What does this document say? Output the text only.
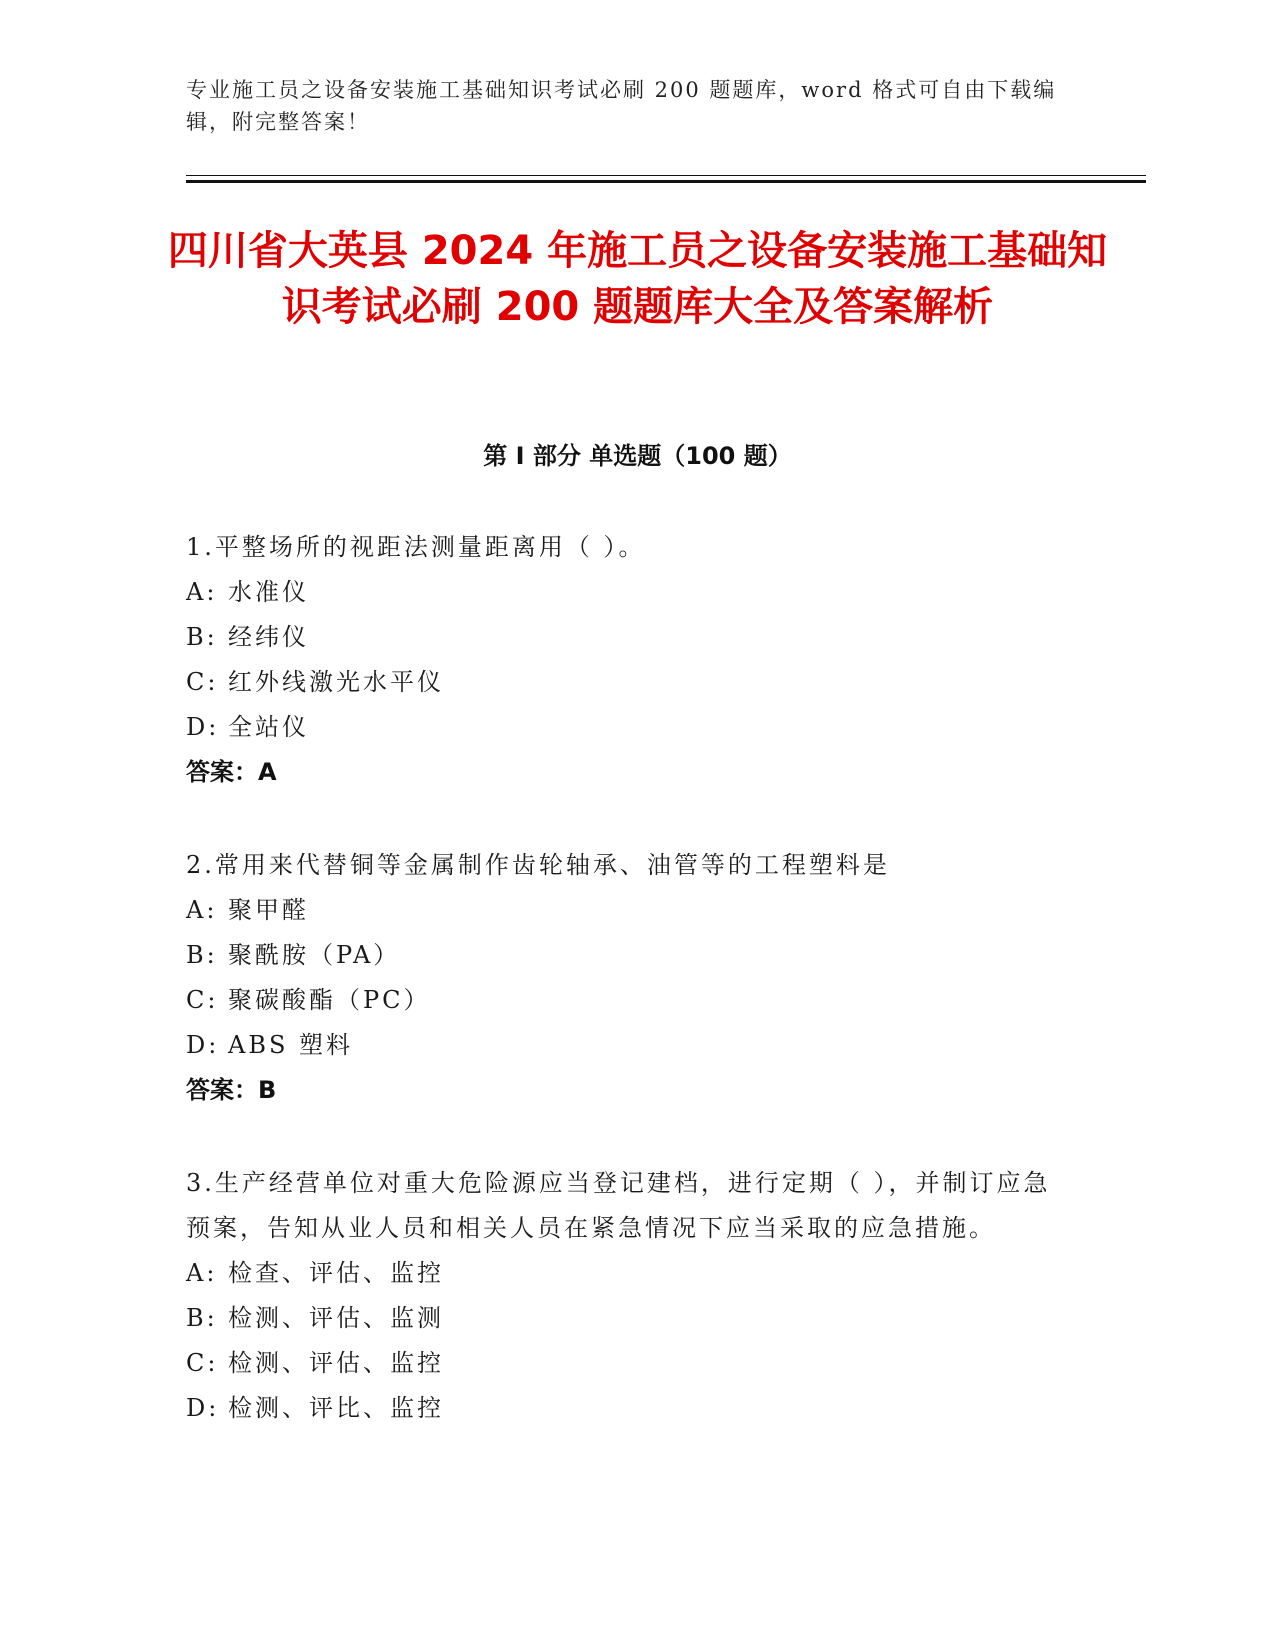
专业施工员之设备安装施工基础知识考试必刷 200 题题库，word 格式可自由下载编辑，附完整答案！
四川省大英县 2024 年施工员之设备安装施工基础知识考试必刷 200 题题库大全及答案解析
第 I 部分 单选题（100 题）
1.平整场所的视距法测量距离用（ ）。
A: 水准仪
B: 经纬仪
C: 红外线激光水平仪
D: 全站仪
答案：A
2.常用来代替铜等金属制作齿轮轴承、油管等的工程塑料是
A: 聚甲醛
B: 聚酰胺（PA）
C: 聚碳酸酯（PC）
D: ABS 塑料
答案：B
3.生产经营单位对重大危险源应当登记建档，进行定期（ ），并制订应急预案，告知从业人员和相关人员在紧急情况下应当采取的应急措施。
A: 检查、评估、监控
B: 检测、评估、监测
C: 检测、评估、监控
D: 检测、评比、监控
